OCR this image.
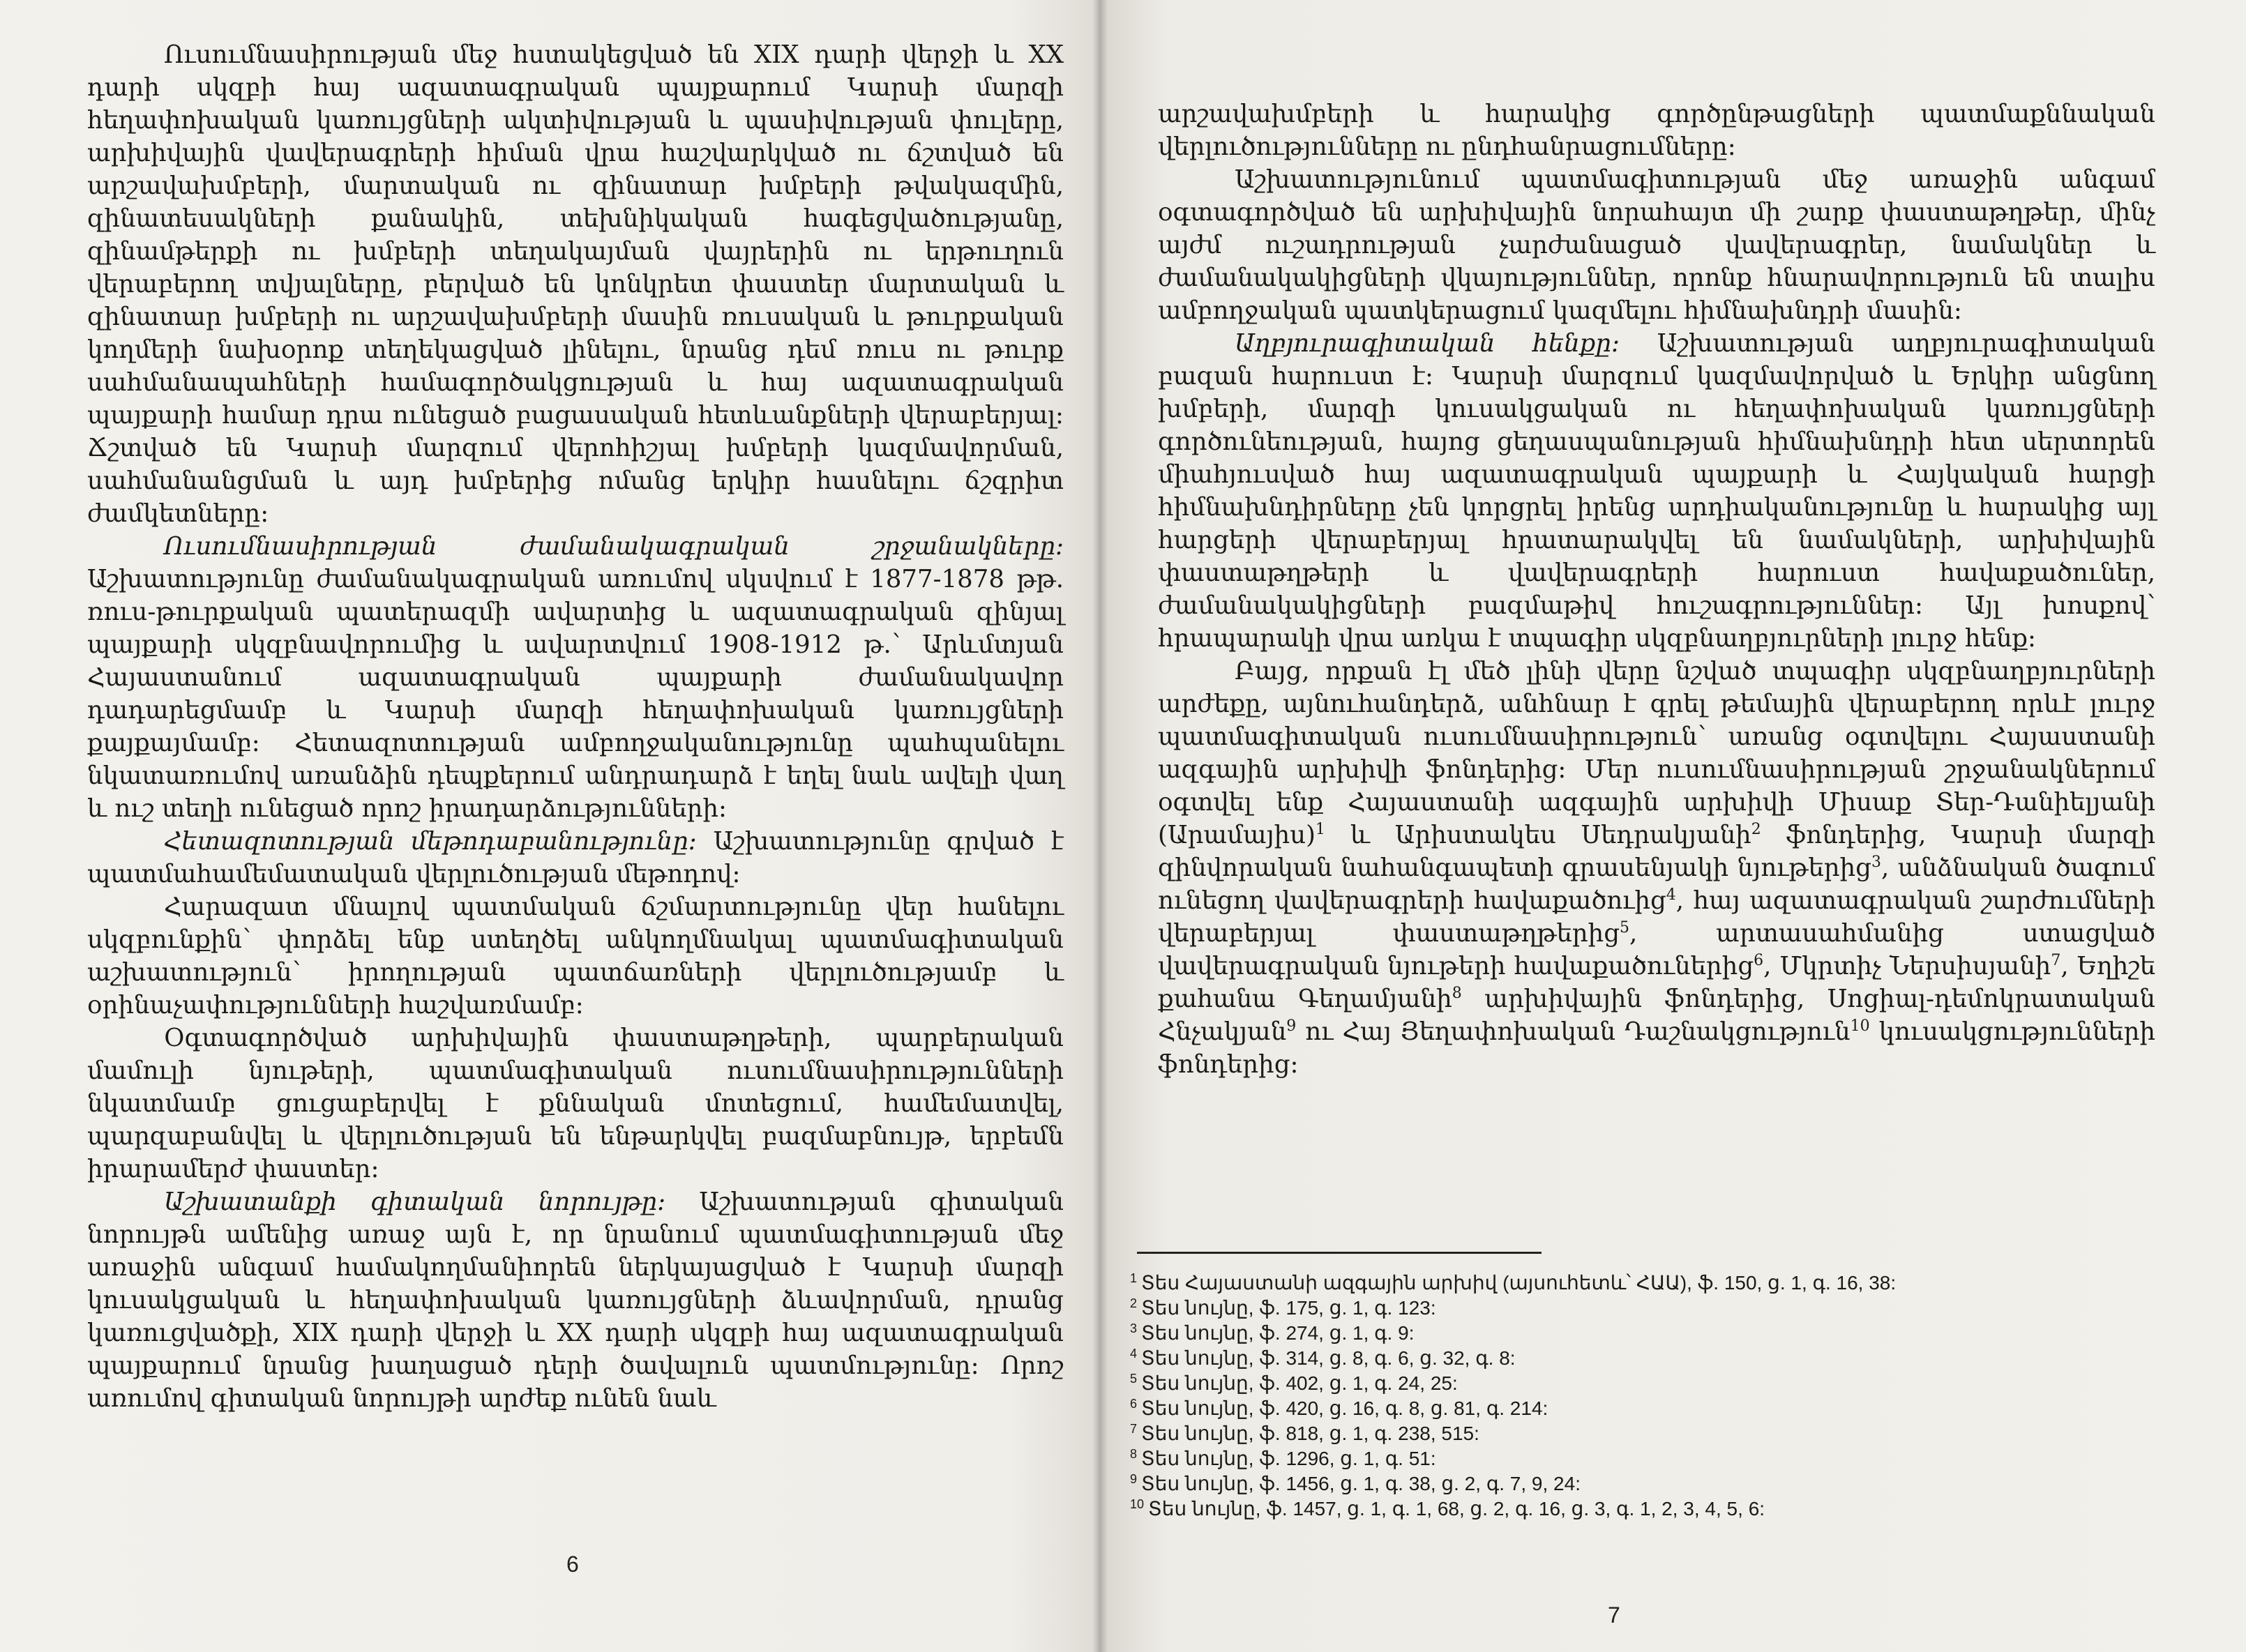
Ուսումնասիրության մեջ հստակեցված են XIX դարի վերջի և XX դարի սկզբի հայ ազատագրական պայքարում Կարսի մարզի հեղափոխական կառույցների ակտիվության և պասիվության փուլերը, արխիվային վավերագրերի հիման վրա հաշվարկված ու ճշտված են արշավախմբերի, մարտական ու զինատար խմբերի թվակազմին, զինատեսակների քանակին, տեխնիկական հագեցվածությանը, զինամթերքի ու խմբերի տեղակայման վայրերին ու երթուղուն վերաբերող տվյալները, բերված են կոնկրետ փաստեր մարտական և զինատար խմբերի ու արշավախմբերի մասին ռուսական և թուրքական կողմերի նախօրոք տեղեկացված լինելու, նրանց դեմ ռուս ու թուրք սահմանապահների համագործակցության և հայ ազատագրական պայքարի համար դրա ունեցած բացասական հետևանքների վերաբերյալ: Ճշտված են Կարսի մարզում վերոհիշյալ խմբերի կազմավորման, սահմանանցման և այդ խմբերից ոմանց երկիր հասնելու ճշգրիտ ժամկետները:

Ուսումնասիրության ժամանակագրական շրջանակները: Աշխատությունը ժամանակագրական առումով սկսվում է 1877-1878 թթ. ռուս-թուրքական պատերազմի ավարտից և ազատագրական զինյալ պայքարի սկզբնավորումից և ավարտվում 1908-1912 թ.՝ Արևմտյան Հայաստանում ազատագրական պայքարի ժամանակավոր դադարեցմամբ և Կարսի մարզի հեղափոխական կառույցների քայքայմամբ: Հետազոտության ամբողջականությունը պահպանելու նկատառումով առանձին դեպքերում անդրադարձ է եղել նաև ավելի վաղ և ուշ տեղի ունեցած որոշ իրադարձությունների:

Հետազոտության մեթոդաբանությունը: Աշխատությունը գրված է պատմահամեմատական վերլուծության մեթոդով:

Հարազատ մնալով պատմական ճշմարտությունը վեր հանելու սկզբունքին՝ փորձել ենք ստեղծել անկողմնակալ պատմագիտական աշխատություն՝ իրողության պատճառների վերլուծությամբ և օրինաչափությունների հաշվառմամբ:

Օգտագործված արխիվային փաստաթղթերի, պարբերական մամուլի նյութերի, պատմագիտական ուսումնասիրությունների նկատմամբ ցուցաբերվել է քննական մոտեցում, համեմատվել, պարզաբանվել և վերլուծության են ենթարկվել բազմաբնույթ, երբեմն իրարամերժ փաստեր:

Աշխատանքի գիտական նորույթը: Աշխատության գիտական նորույթն ամենից առաջ այն է, որ նրանում պատմագիտության մեջ առաջին անգամ համակողմանիորեն ներկայացված է Կարսի մարզի կուսակցական և հեղափոխական կառույցների ձևավորման, դրանց կառուցվածքի, XIX դարի վերջի և XX դարի սկզբի հայ ազատագրական պայքարում նրանց խաղացած դերի ծավալուն պատմությունը: Որոշ առումով գիտական նորույթի արժեք ունեն նաև

6

արշավախմբերի և հարակից գործընթացների պատմաքննական վերլուծությունները ու ընդհանրացումները:

Աշխատությունում պատմագիտության մեջ առաջին անգամ օգտագործված են արխիվային նորահայտ մի շարք փաստաթղթեր, մինչ այժմ ուշադրության չարժանացած վավերագրեր, նամակներ և ժամանակակիցների վկայություններ, որոնք հնարավորություն են տալիս ամբողջական պատկերացում կազմելու հիմնախնդրի մասին:

Աղբյուրագիտական հենքը: Աշխատության աղբյուրագիտական բազան հարուստ է: Կարսի մարզում կազմավորված և Երկիր անցնող խմբերի, մարզի կուսակցական ու հեղափոխական կառույցների գործունեության, հայոց ցեղասպանության հիմնախնդրի հետ սերտորեն միահյուսված հայ ազատագրական պայքարի և Հայկական հարցի հիմնախնդիրները չեն կորցրել իրենց արդիականությունը և հարակից այլ հարցերի վերաբերյալ հրատարակվել են նամակների, արխիվային փաստաթղթերի և վավերագրերի հարուստ հավաքածուներ, ժամանակակիցների բազմաթիվ հուշագրություններ: Այլ խոսքով՝ հրապարակի վրա առկա է տպագիր սկզբնաղբյուրների լուրջ հենք:

Բայց, որքան էլ մեծ լինի վերը նշված տպագիր սկզբնաղբյուրների արժեքը, այնուհանդերձ, անհնար է գրել թեմային վերաբերող որևէ լուրջ պատմագիտական ուսումնասիրություն՝ առանց օգտվելու Հայաստանի ազգային արխիվի ֆոնդերից: Մեր ուսումնասիրության շրջանակներում օգտվել ենք Հայաստանի ազգային արխիվի Միսաք Տեր-Դանիելյանի (Արամայիս)$^1$ և Արիստակես Սեդրակյանի$^2$ ֆոնդերից, Կարսի մարզի զինվորական նահանգապետի գրասենյակի նյութերից$^3$, անձնական ծագում ունեցող վավերագրերի հավաքածուից$^4$, հայ ազատագրական շարժումների վերաբերյալ փաստաթղթերից$^5$, արտասահմանից ստացված վավերագրական նյութերի հավաքածուներից$^6$, Մկրտիչ Ներսիսյանի$^7$, Եղիշե քահանա Գեղամյանի$^8$ արխիվային ֆոնդերից, Սոցիալ-դեմոկրատական Հնչակյան$^9$ ու Հայ Յեղափոխական Դաշնակցություն$^{10}$ կուսակցությունների ֆոնդերից:

$^1$ Տես Հայաստանի ազգային արխիվ (այսուհետև՝ ՀԱԱ), ֆ. 150, ց. 1, գ. 16, 38:
$^2$ Տես նույնը, ֆ. 175, ց. 1, գ. 123:
$^3$ Տես նույնը, ֆ. 274, ց. 1, գ. 9:
$^4$ Տես նույնը, ֆ. 314, ց. 8, գ. 6, ց. 32, գ. 8:
$^5$ Տես նույնը, ֆ. 402, ց. 1, գ. 24, 25:
$^6$ Տես նույնը, ֆ. 420, ց. 16, գ. 8, ց. 81, գ. 214:
$^7$ Տես նույնը, ֆ. 818, ց. 1, գ. 238, 515:
$^8$ Տես նույնը, ֆ. 1296, ց. 1, գ. 51:
$^9$ Տես նույնը, ֆ. 1456, ց. 1, գ. 38, ց. 2, գ. 7, 9, 24:
$^{10}$ Տես նույնը, ֆ. 1457, ց. 1, գ. 1, 68, ց. 2, գ. 16, ց. 3, գ. 1, 2, 3, 4, 5, 6:
7
